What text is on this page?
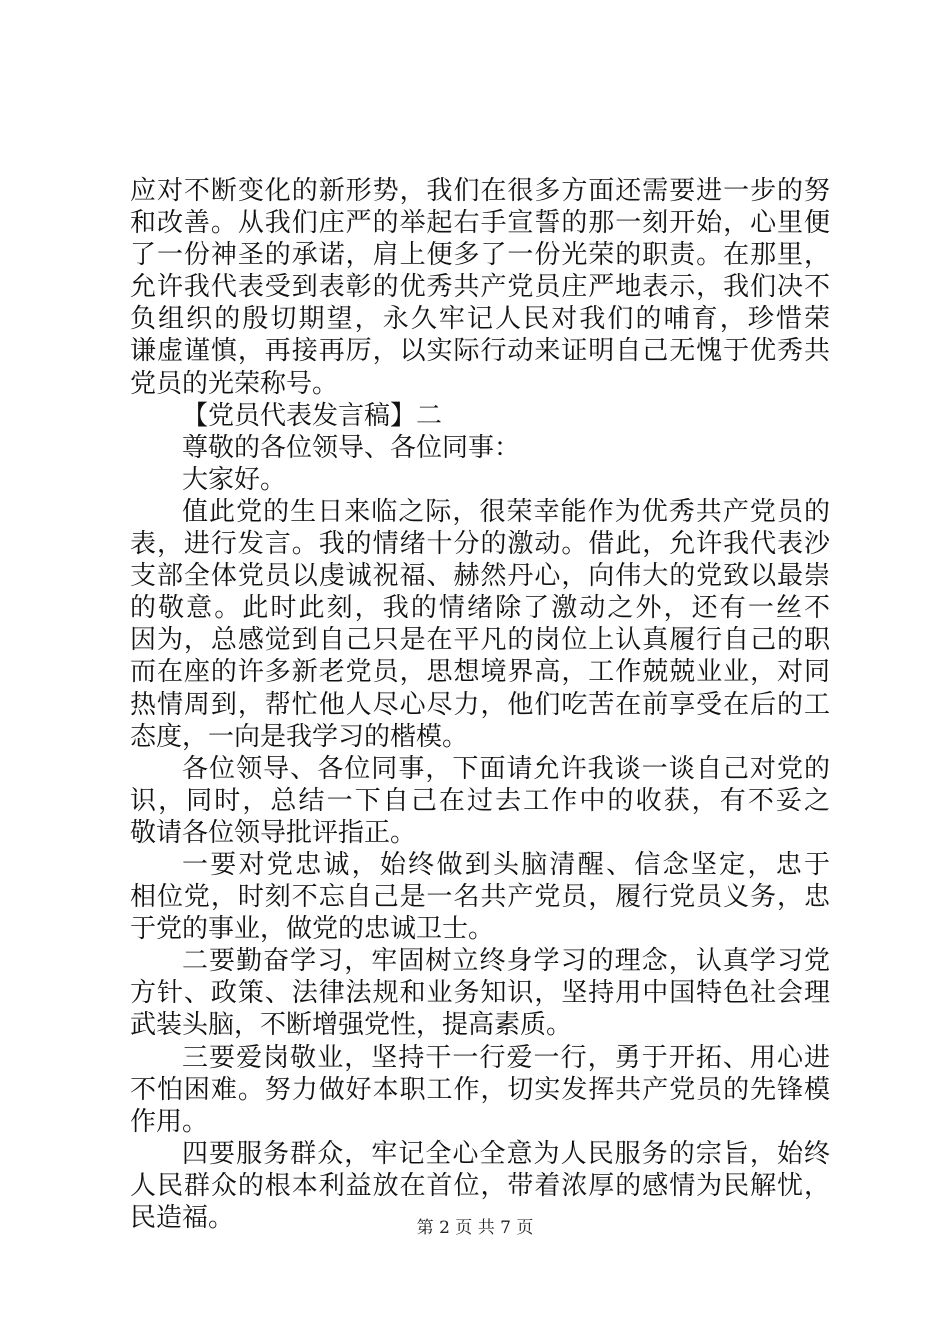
应对不断变化的新形势，我们在很多方面还需要进一步的努
和改善。从我们庄严的举起右手宣誓的那一刻开始，心里便
了一份神圣的承诺，肩上便多了一份光荣的职责。在那里，
允许我代表受到表彰的优秀共产党员庄严地表示，我们决不
负组织的殷切期望，永久牢记人民对我们的哺育，珍惜荣
谦虚谨慎，再接再厉，以实际行动来证明自己无愧于优秀共
党员的光荣称号。
【党员代表发言稿】二
尊敬的各位领导、各位同事：
大家好。
值此党的生日来临之际，很荣幸能作为优秀共产党员的
表，进行发言。我的情绪十分的激动。借此，允许我代表沙
支部全体党员以虔诚祝福、赫然丹心，向伟大的党致以最崇
的敬意。此时此刻，我的情绪除了激动之外，还有一丝不
因为，总感觉到自己只是在平凡的岗位上认真履行自己的职
而在座的许多新老党员，思想境界高，工作兢兢业业，对同
热情周到，帮忙他人尽心尽力，他们吃苦在前享受在后的工
态度，一向是我学习的楷模。
各位领导、各位同事，下面请允许我谈一谈自己对党的
识，同时，总结一下自己在过去工作中的收获，有不妥之
敬请各位领导批评指正。
一要对党忠诚，始终做到头脑清醒、信念坚定，忠于
相位党，时刻不忘自己是一名共产党员，履行党员义务，忠
于党的事业，做党的忠诚卫士。
二要勤奋学习，牢固树立终身学习的理念，认真学习党
方针、政策、法律法规和业务知识，坚持用中国特色社会理
武装头脑，不断增强党性，提高素质。
三要爱岗敬业，坚持干一行爱一行，勇于开拓、用心进
不怕困难。努力做好本职工作，切实发挥共产党员的先锋模
作用。
四要服务群众，牢记全心全意为人民服务的宗旨，始终
人民群众的根本利益放在首位，带着浓厚的感情为民解忧，
民造福。	第 2 页 共 7 页
